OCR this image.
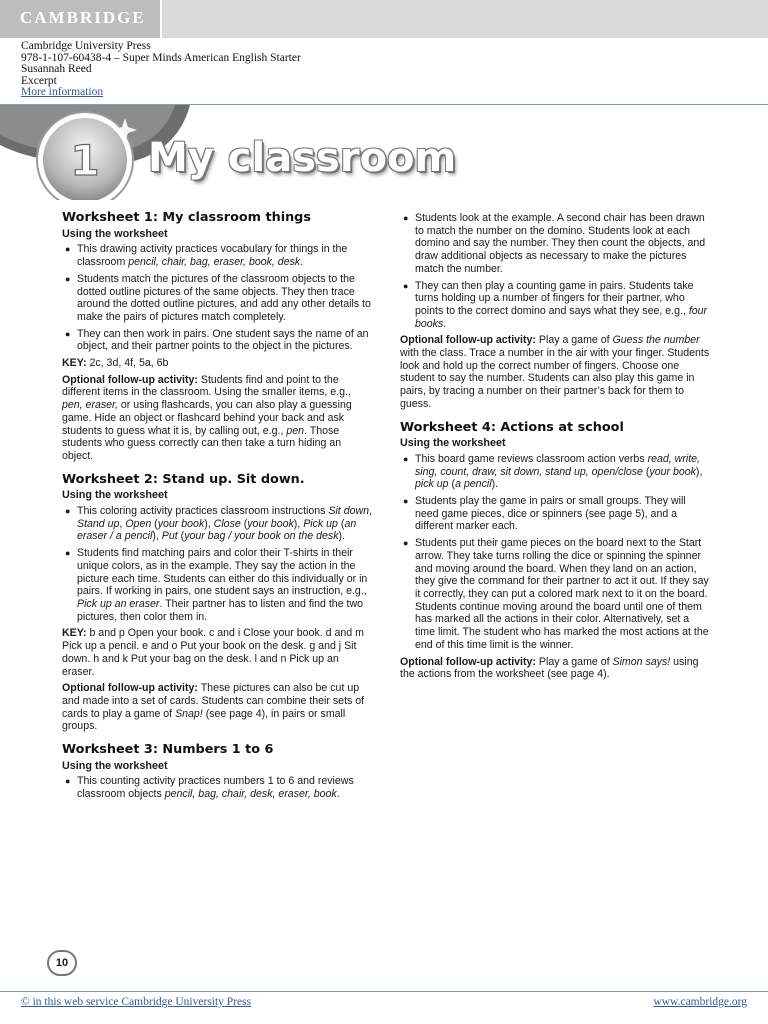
CAMBRIDGE
Cambridge University Press
978-1-107-60438-4 – Super Minds American English Starter
Susannah Reed
Excerpt
More information
1 My classroom
Worksheet 1: My classroom things
Using the worksheet
● This drawing activity practices vocabulary for things in the classroom pencil, chair, bag, eraser, book, desk.
● Students match the pictures of the classroom objects to the dotted outline pictures of the same objects. They then trace around the dotted outline pictures, and add any other details to make the pairs of pictures match completely.
● They can then work in pairs. One student says the name of an object, and their partner points to the object in the pictures.

KEY: 2c, 3d, 4f, 5a, 6b

Optional follow-up activity: Students find and point to the different items in the classroom. Using the smaller items, e.g., pen, eraser, or using flashcards, you can also play a guessing game. Hide an object or flashcard behind your back and ask students to guess what it is, by calling out, e.g., pen. Those students who guess correctly can then take a turn hiding an object.

Worksheet 2: Stand up. Sit down.
Using the worksheet
● This coloring activity practices classroom instructions Sit down, Stand up, Open (your book), Close (your book), Pick up (an eraser / a pencil), Put (your bag / your book on the desk).
● Students find matching pairs and color their T-shirts in their unique colors, as in the example. They say the action in the picture each time. Students can either do this individually or in pairs. If working in pairs, one student says an instruction, e.g., Pick up an eraser. Their partner has to listen and find the two pictures, then color them in.

KEY: b and p Open your book. c and i Close your book. d and m Pick up a pencil. e and o Put your book on the desk. g and j Sit down. h and k Put your bag on the desk. l and n Pick up an eraser.

Optional follow-up activity: These pictures can also be cut up and made into a set of cards. Students can combine their sets of cards to play a game of Snap! (see page 4), in pairs or small groups.

Worksheet 3: Numbers 1 to 6
Using the worksheet
● This counting activity practices numbers 1 to 6 and reviews classroom objects pencil, bag, chair, desk, eraser, book.
● Students look at the example. A second chair has been drawn to match the number on the domino. Students look at each domino and say the number. They then count the objects, and draw additional objects as necessary to make the pictures match the number.
● They can then play a counting game in pairs. Students take turns holding up a number of fingers for their partner, who points to the correct domino and says what they see, e.g., four books.

Optional follow-up activity: Play a game of Guess the number with the class. Trace a number in the air with your finger. Students look and hold up the correct number of fingers. Choose one student to say the number. Students can also play this game in pairs, by tracing a number on their partner’s back for them to guess.

Worksheet 4: Actions at school
Using the worksheet
● This board game reviews classroom action verbs read, write, sing, count, draw, sit down, stand up, open/close (your book), pick up (a pencil).
● Students play the game in pairs or small groups. They will need game pieces, dice or spinners (see page 5), and a different marker each.
● Students put their game pieces on the board next to the Start arrow. They take turns rolling the dice or spinning the spinner and moving around the board. When they land on an action, they give the command for their partner to act it out. If they say it correctly, they can put a colored mark next to it on the board. Students continue moving around the board until one of them has marked all the actions in their color. Alternatively, set a time limit. The student who has marked the most actions at the end of this time limit is the winner.

Optional follow-up activity: Play a game of Simon says! using the actions from the worksheet (see page 4).

10
© in this web service Cambridge University Press	www.cambridge.org
